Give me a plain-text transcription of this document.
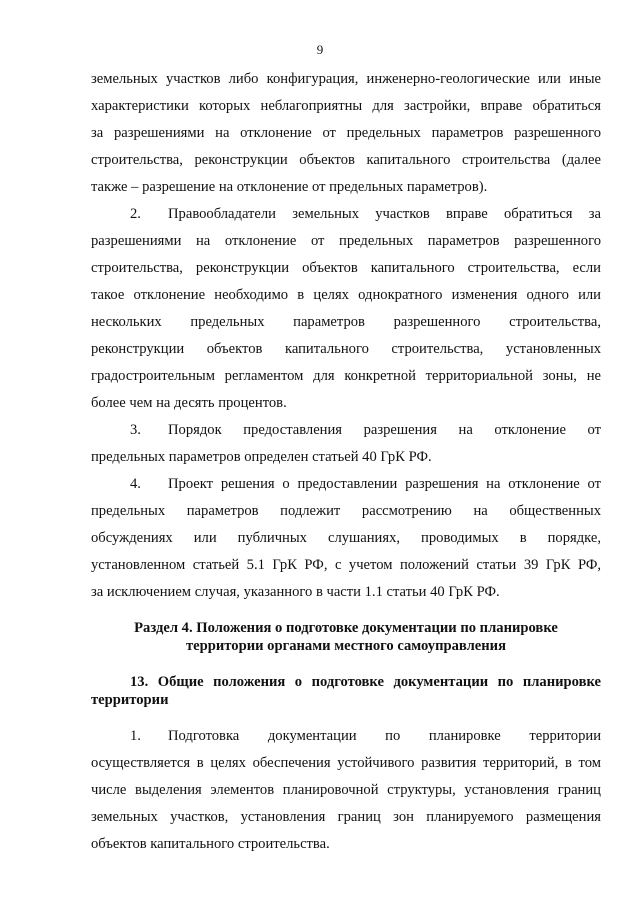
9
земельных участков либо конфигурация, инженерно-геологические или иные
характеристики которых неблагоприятны для застройки, вправе обратиться
за разрешениями на отклонение от предельных параметров разрешенного
строительства, реконструкции объектов капитального строительства (далее
также – разрешение на отклонение от предельных параметров).
2. Правообладатели земельных участков вправе обратиться за
разрешениями на отклонение от предельных параметров разрешенного
строительства, реконструкции объектов капитального строительства, если
такое отклонение необходимо в целях однократного изменения одного или
нескольких предельных параметров разрешенного строительства,
реконструкции объектов капитального строительства, установленных
градостроительным регламентом для конкретной территориальной зоны, не
более чем на десять процентов.
3. Порядок предоставления разрешения на отклонение от
предельных параметров определен статьей 40 ГрК РФ.
4. Проект решения о предоставлении разрешения на отклонение от
предельных параметров подлежит рассмотрению на общественных
обсуждениях или публичных слушаниях, проводимых в порядке,
установленном статьей 5.1 ГрК РФ, с учетом положений статьи 39 ГрК РФ,
за исключением случая, указанного в части 1.1 статьи 40 ГрК РФ.
Раздел 4. Положения о подготовке документации по планировке
территории органами местного самоуправления
13. Общие положения о подготовке документации по планировке
территории
1. Подготовка документации по планировке территории
осуществляется в целях обеспечения устойчивого развития территорий, в том
числе выделения элементов планировочной структуры, установления границ
земельных участков, установления границ зон планируемого размещения
объектов капитального строительства.
